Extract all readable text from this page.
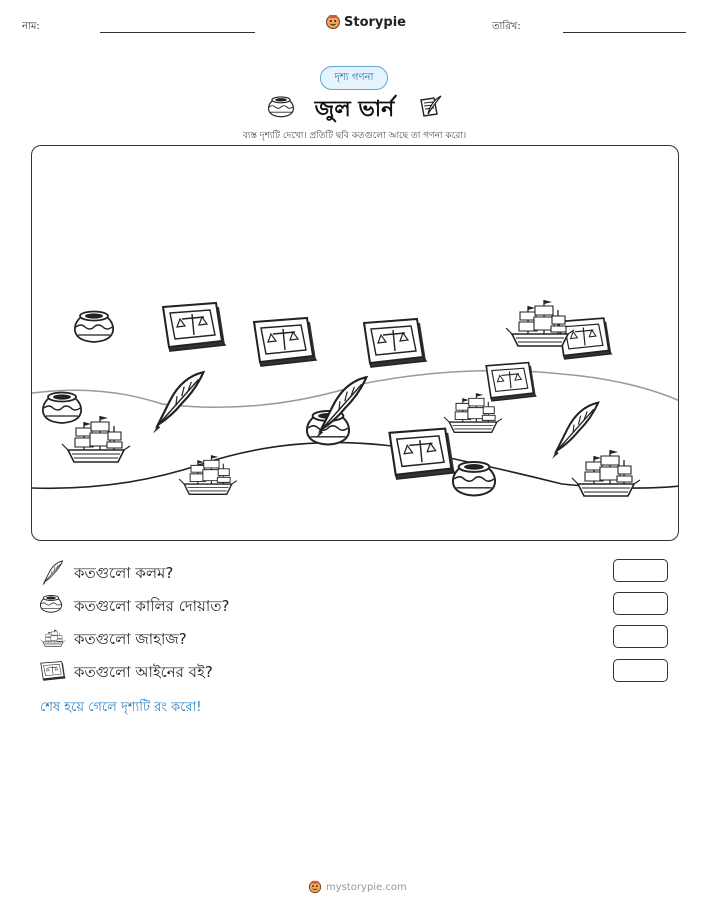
নাম:	Storypie	তারিখ:
দৃশ্য গণনা
জুল ভার্ন
ব্যস্ত দৃশ্যটি দেখো। প্রতিটি ছবি কতগুলো আছে তা গণনা করো।
কতগুলো কলম?
কতগুলো কালির দোয়াত?
কতগুলো জাহাজ?
কতগুলো আইনের বই?
শেষ হয়ে গেলে দৃশ্যটি রং করো!
mystorypie.com
